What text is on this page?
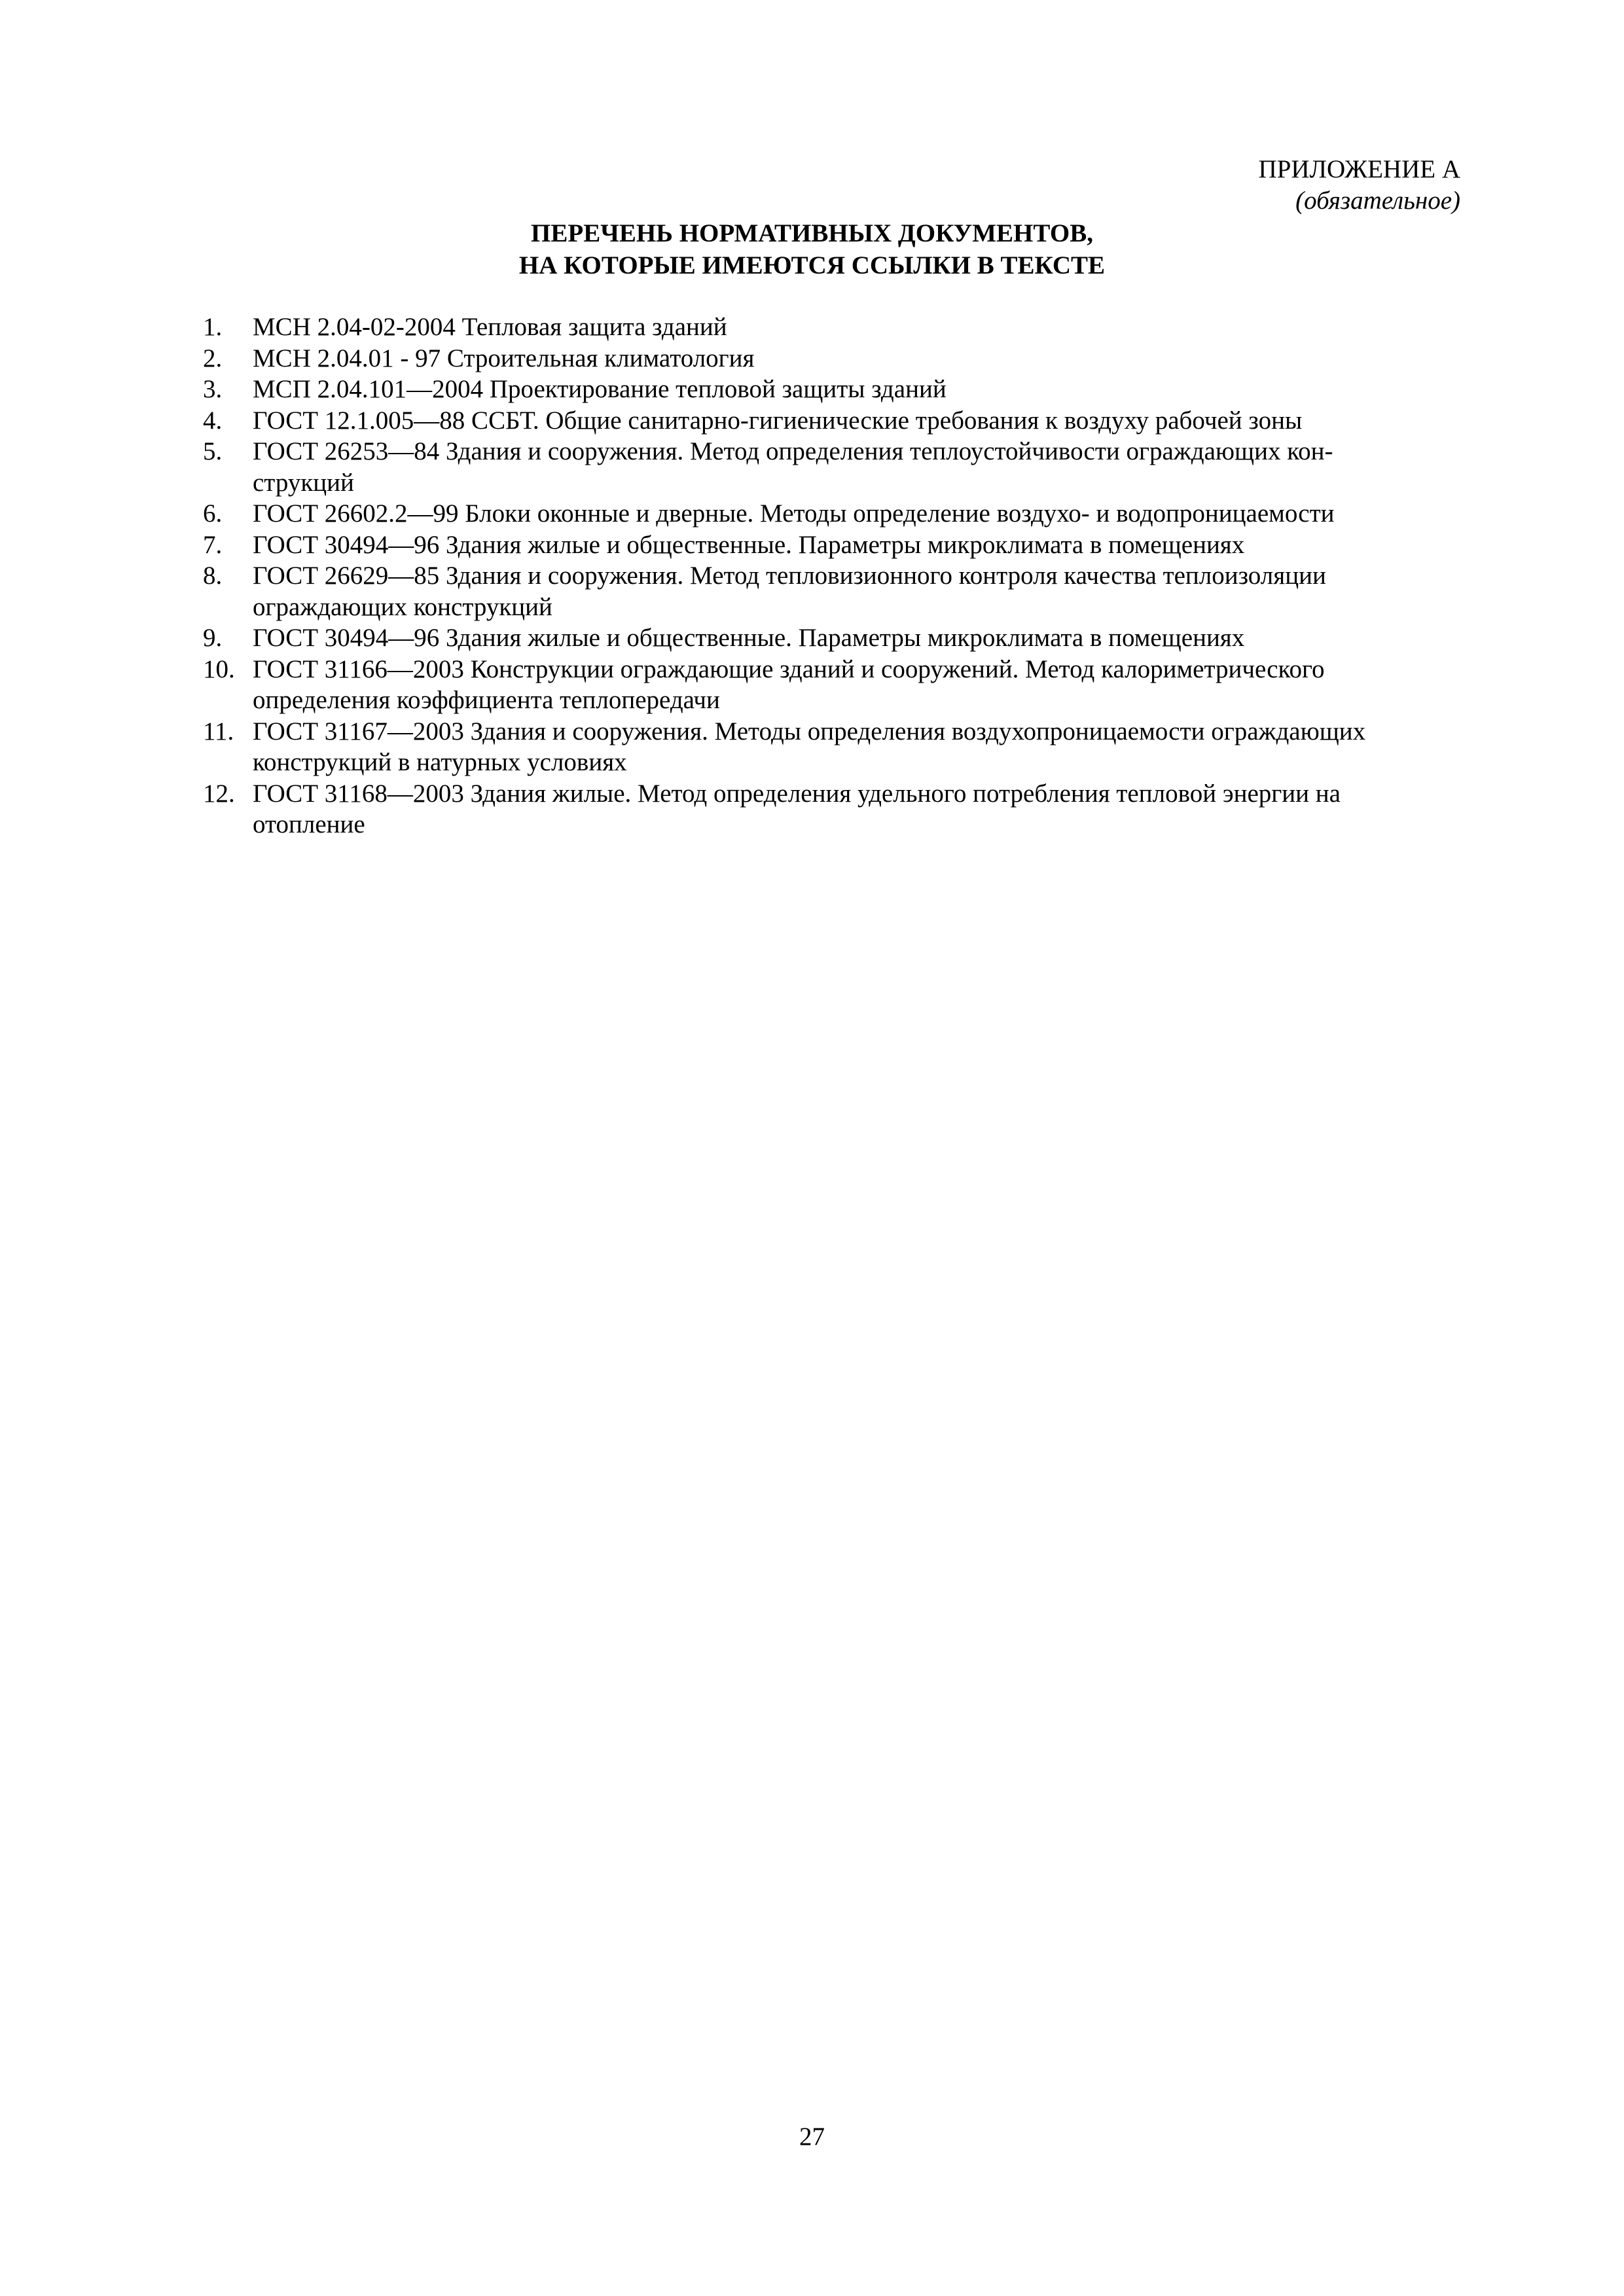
ПРИЛОЖЕНИЕ А
(обязательное)
ПЕРЕЧЕНЬ НОРМАТИВНЫХ ДОКУМЕНТОВ,
НА КОТОРЫЕ ИМЕЮТСЯ ССЫЛКИ В ТЕКСТЕ
1.	МСН 2.04-02-2004 Тепловая защита зданий
2.	МСН 2.04.01 - 97 Строительная климатология
3.	МСП 2.04.101—2004 Проектирование тепловой защиты зданий
4.	ГОСТ 12.1.005—88 ССБТ. Общие санитарно-гигиенические требования к воздуху рабочей зоны
5.	ГОСТ 26253—84 Здания и сооружения. Метод определения теплоустойчивости ограждающих кон-
струкций
6.	ГОСТ 26602.2—99 Блоки оконные и дверные. Методы определение воздухо- и водопроницаемости
7.	ГОСТ 30494—96 Здания жилые и общественные. Параметры микроклимата в помещениях
8.	ГОСТ 26629—85 Здания и сооружения. Метод тепловизионного контроля качества теплоизоляции
ограждающих конструкций
9.	ГОСТ 30494—96 Здания жилые и общественные. Параметры микроклимата в помещениях
10. ГОСТ 31166—2003 Конструкции ограждающие зданий и сооружений. Метод калориметрического
определения коэффициента теплопередачи
11. ГОСТ 31167—2003 Здания и сооружения. Методы определения воздухопроницаемости ограждающих
конструкций в натурных условиях
12. ГОСТ 31168—2003 Здания жилые. Метод определения удельного потребления тепловой энергии на
отопление
27
